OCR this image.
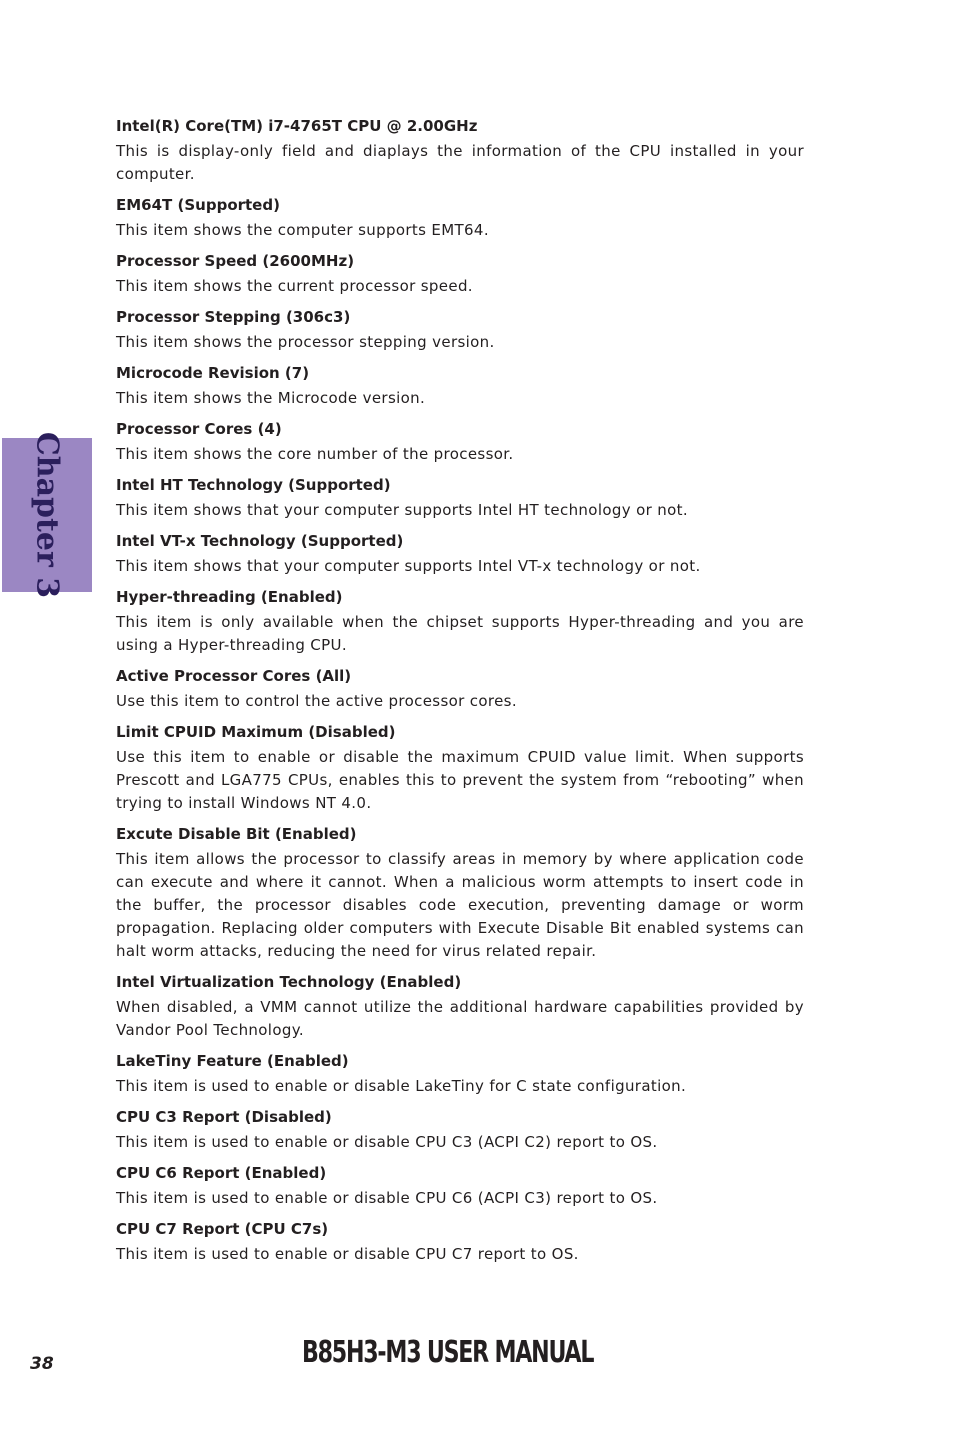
Chapter 3
Intel(R) Core(TM) i7-4765T CPU @ 2.00GHz
This is display-only field and diaplays the information of the CPU installed in your computer.
EM64T (Supported)
This item shows the computer supports EMT64.
Processor Speed (2600MHz)
This item shows the current processor speed.
Processor Stepping (306c3)
This item shows the processor stepping version.
Microcode Revision (7)
This item shows the Microcode version.
Processor Cores (4)
This item shows the core number of the processor.
Intel HT Technology (Supported)
This item shows that your computer supports Intel HT technology or not.
Intel VT-x Technology (Supported)
This item shows that your computer supports Intel VT-x technology or not.
Hyper-threading (Enabled)
This item is only available when the chipset supports Hyper-threading and you are using a Hyper-threading CPU.
Active Processor Cores (All)
Use this item to control the active processor cores.
Limit CPUID Maximum (Disabled)
Use this item to enable or disable the maximum CPUID value limit. When supports Prescott and LGA775 CPUs, enables this to prevent the system from “rebooting” when trying to install Windows NT 4.0.
Excute Disable Bit (Enabled)
This item allows the processor to classify areas in memory by where application code can execute and where it cannot. When a malicious worm attempts to insert code in the buffer, the processor disables code execution, preventing damage or worm propagation. Replacing older computers with Execute Disable Bit enabled systems can halt worm attacks, reducing the need for virus related repair.
Intel Virtualization Technology (Enabled)
When disabled, a VMM cannot utilize the additional hardware capabilities provided by Vandor Pool Technology.
LakeTiny Feature (Enabled)
This item is used to enable or disable LakeTiny for C state configuration.
CPU C3 Report (Disabled)
This item is used to enable or disable CPU C3 (ACPI C2) report to OS.
CPU C6 Report (Enabled)
This item is used to enable or disable CPU C6 (ACPI C3) report to OS.
CPU C7 Report (CPU C7s)
This item is used to enable or disable CPU C7 report to OS.
38	B85H3-M3 USER MANUAL
